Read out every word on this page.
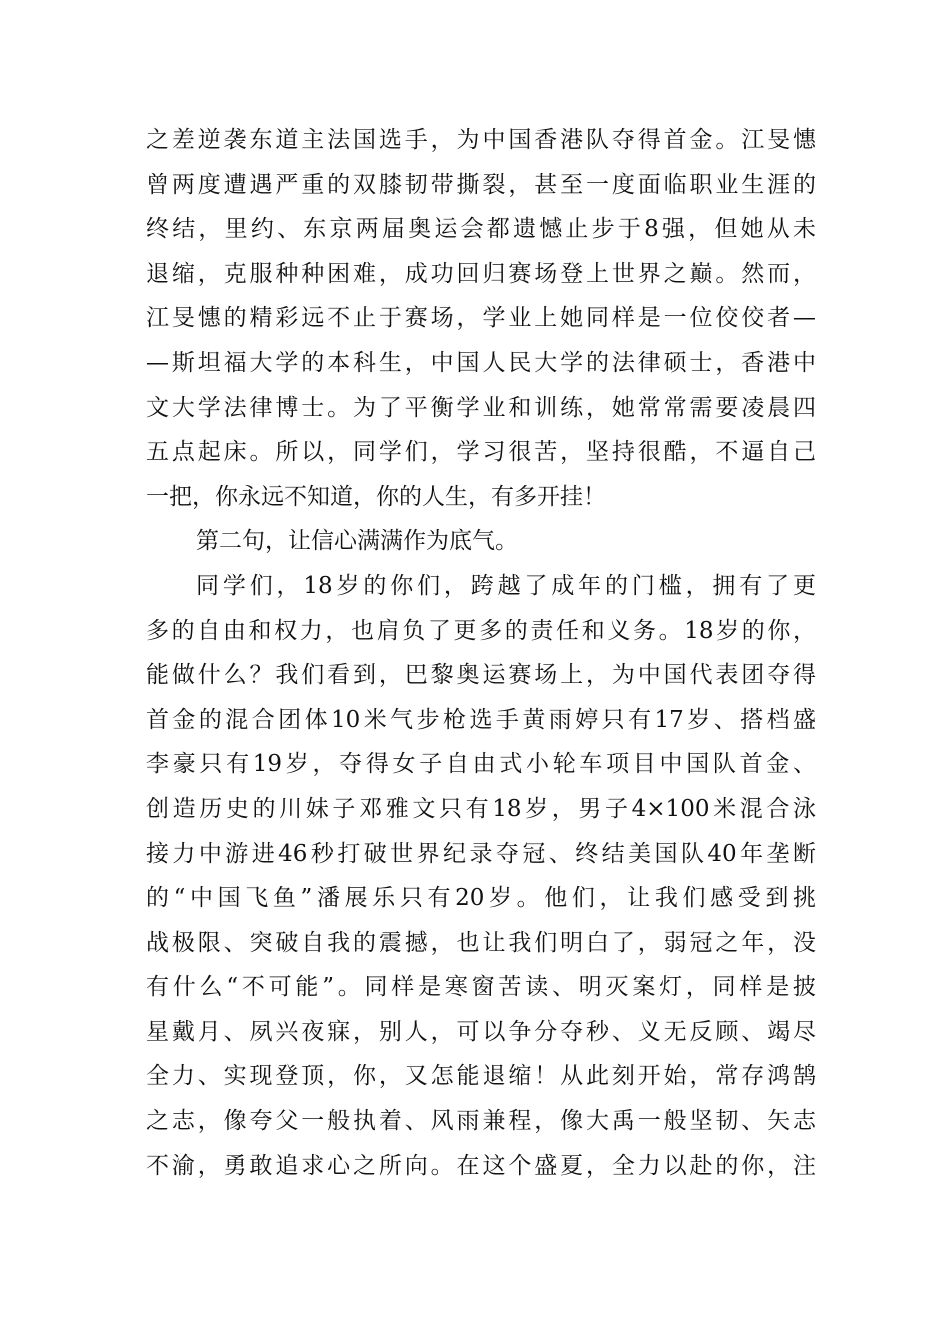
之差逆袭东道主法国选手，为中国香港队夺得首金。江旻憓
曾两度遭遇严重的双膝韧带撕裂，甚至一度面临职业生涯的
终结，里约、东京两届奥运会都遗憾止步于8强，但她从未
退缩，克服种种困难，成功回归赛场登上世界之巅。然而，
江旻憓的精彩远不止于赛场，学业上她同样是一位佼佼者—
—斯坦福大学的本科生，中国人民大学的法律硕士，香港中
文大学法律博士。为了平衡学业和训练，她常常需要凌晨四
五点起床。所以，同学们，学习很苦，坚持很酷，不逼自己
一把，你永远不知道，你的人生，有多开挂！
第二句，让信心满满作为底气。
同学们，18岁的你们，跨越了成年的门槛，拥有了更
多的自由和权力，也肩负了更多的责任和义务。18岁的你，
能做什么？我们看到，巴黎奥运赛场上，为中国代表团夺得
首金的混合团体10米气步枪选手黄雨婷只有17岁、搭档盛
李豪只有19岁，夺得女子自由式小轮车项目中国队首金、
创造历史的川妹子邓雅文只有18岁，男子4×100米混合泳
接力中游进46秒打破世界纪录夺冠、终结美国队40年垄断
的“中国飞鱼”潘展乐只有20岁。他们，让我们感受到挑
战极限、突破自我的震撼，也让我们明白了，弱冠之年，没
有什么“不可能”。同样是寒窗苦读、明灭案灯，同样是披
星戴月、夙兴夜寐，别人，可以争分夺秒、义无反顾、竭尽
全力、实现登顶，你，又怎能退缩！从此刻开始，常存鸿鹄
之志，像夸父一般执着、风雨兼程，像大禹一般坚韧、矢志
不渝，勇敢追求心之所向。在这个盛夏，全力以赴的你，注
